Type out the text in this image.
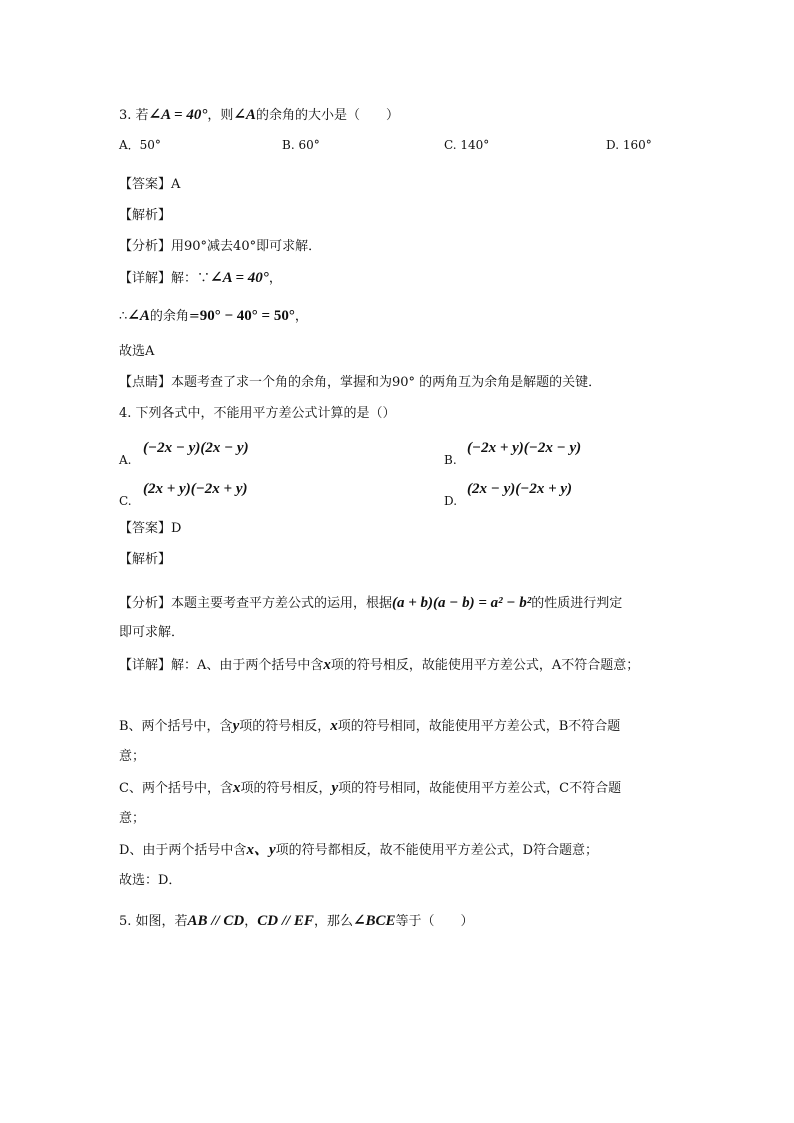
3. 若∠A = 40°，则∠A的余角的大小是（　　）
A．50°	B. 60°	C. 140°	D. 160°
【答案】A
【解析】
【分析】用90°减去40°即可求解．
【详解】解：∵∠A = 40°，
∴∠A的余角=90° − 40° = 50°，
故选A
【点睛】本题考查了求一个角的余角，掌握和为90° 的两角互为余角是解题的关键．
4. 下列各式中，不能用平方差公式计算的是（）
A.
(−2x − y)(2x − y)
B.
(−2x + y)(−2x − y)
C.
(2x + y)(−2x + y)
D.
(2x − y)(−2x + y)
【答案】D
【解析】
【分析】本题主要考查平方差公式的运用，根据(a + b)(a − b) = a² − b²的性质进行判定
即可求解．
【详解】解：A、由于两个括号中含x项的符号相反，故能使用平方差公式，A不符合题意；
B、两个括号中，含y项的符号相反，x项的符号相同，故能使用平方差公式，B不符合题
意；
C、两个括号中，含x项的符号相反，y项的符号相同，故能使用平方差公式，C不符合题
意；
D、由于两个括号中含x、y项的符号都相反，故不能使用平方差公式，D符合题意；
故选：D．
5. 如图，若AB // CD，CD // EF，那么∠BCE等于（　　）
